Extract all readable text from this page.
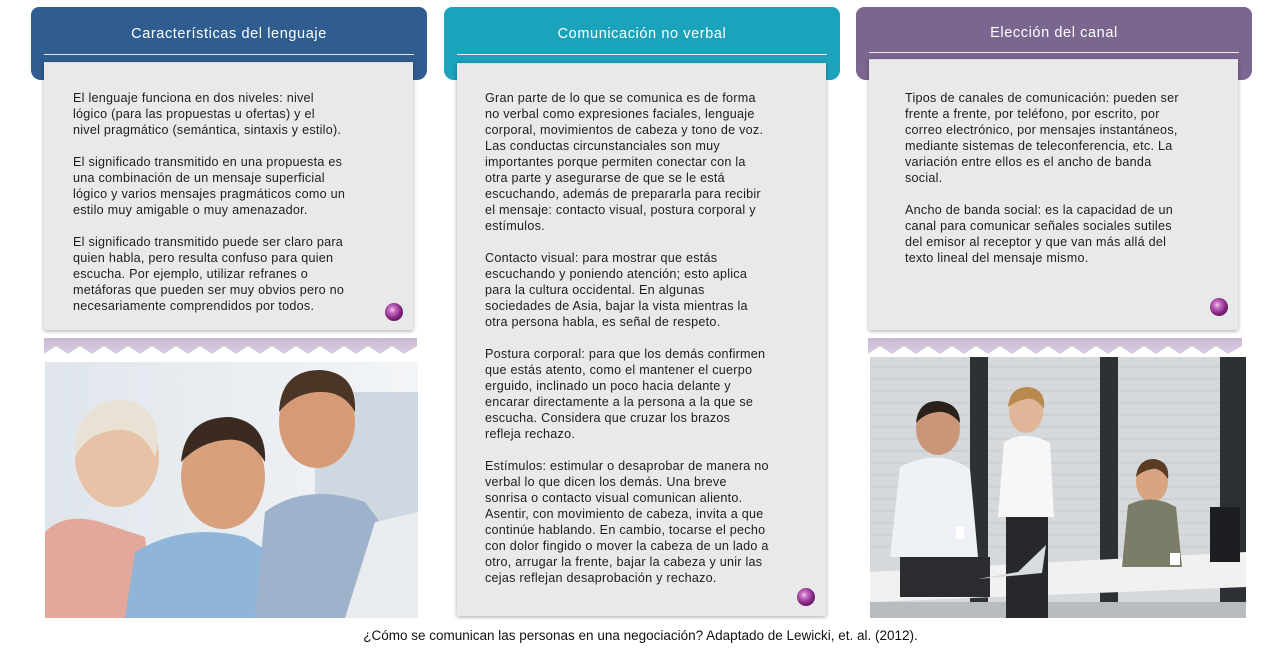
Características del lenguaje

El lenguaje funciona en dos niveles: nivel
lógico (para las propuestas u ofertas) y el
nivel pragmático (semántica, sintaxis y estilo).

El significado transmitido en una propuesta es
una combinación de un mensaje superficial
lógico y varios mensajes pragmáticos como un
estilo muy amigable o muy amenazador.

El significado transmitido puede ser claro para
quien habla, pero resulta confuso para quien
escucha. Por ejemplo, utilizar refranes o
metáforas que pueden ser muy obvios pero no
necesariamente comprendidos por todos.

Comunicación no verbal

Gran parte de lo que se comunica es de forma
no verbal como expresiones faciales, lenguaje
corporal, movimientos de cabeza y tono de voz.
Las conductas circunstanciales son muy
importantes porque permiten conectar con la
otra parte y asegurarse de que se le está
escuchando, además de prepararla para recibir
el mensaje: contacto visual, postura corporal y
estímulos.

Contacto visual: para mostrar que estás
escuchando y poniendo atención; esto aplica
para la cultura occidental. En algunas
sociedades de Asia, bajar la vista mientras la
otra persona habla, es señal de respeto.

Postura corporal: para que los demás confirmen
que estás atento, como el mantener el cuerpo
erguido, inclinado un poco hacia delante y
encarar directamente a la persona a la que se
escucha. Considera que cruzar los brazos
refleja rechazo.

Estímulos: estimular o desaprobar de manera no
verbal lo que dicen los demás. Una breve
sonrisa o contacto visual comunican aliento.
Asentir, con movimiento de cabeza, invita a que
continúe hablando. En cambio, tocarse el pecho
con dolor fingido o mover la cabeza de un lado a
otro, arrugar la frente, bajar la cabeza y unir las
cejas reflejan desaprobación y rechazo.

Elección del canal

Tipos de canales de comunicación: pueden ser
frente a frente, por teléfono, por escrito, por
correo electrónico, por mensajes instantáneos,
mediante sistemas de teleconferencia, etc. La
variación entre ellos es el ancho de banda
social.

Ancho de banda social: es la capacidad de un
canal para comunicar señales sociales sutiles
del emisor al receptor y que van más allá del
texto lineal del mensaje mismo.

¿Cómo se comunican las personas en una negociación? Adaptado de Lewicki, et. al. (2012).
